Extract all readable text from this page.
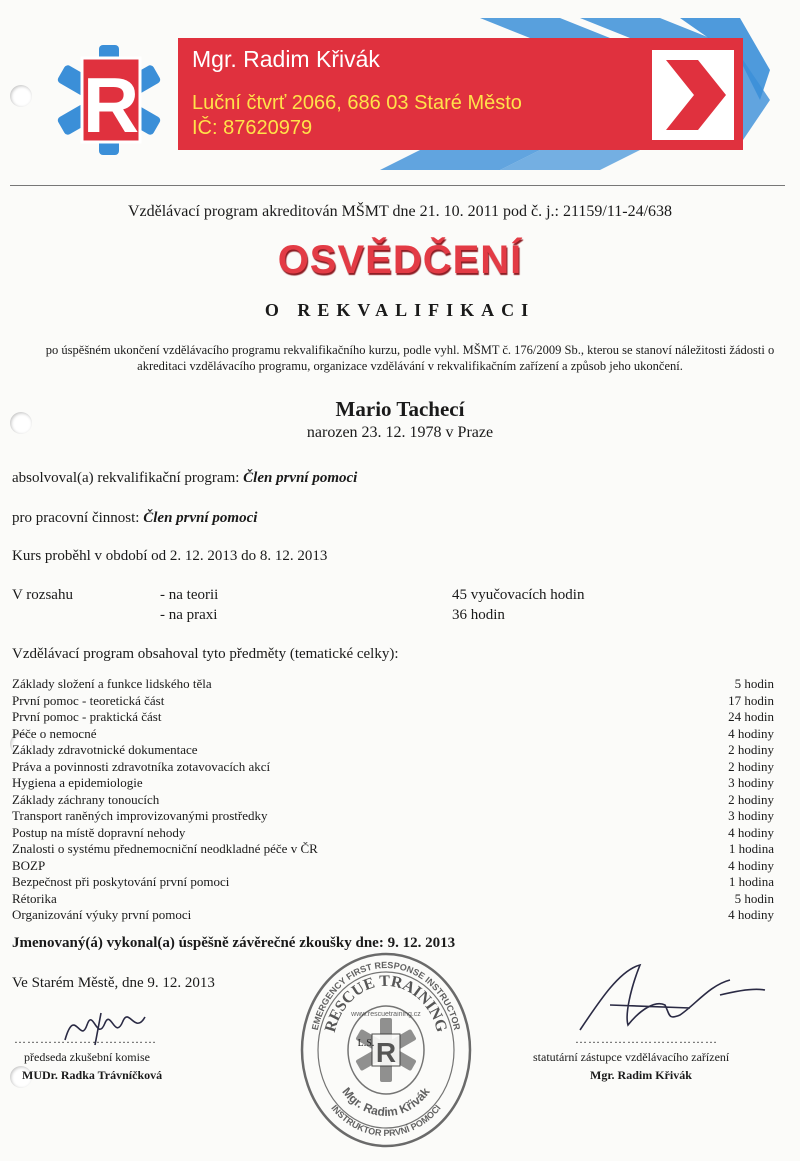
R
Mgr. Radim Křivák
Luční čtvrť 2066, 686 03 Staré Město
IČ: 87620979
Vzdělávací program akreditován MŠMT dne 21. 10. 2011 pod č. j.: 21159/11-24/638
OSVĚDČENÍ
O REKVALIFIKACI
po úspěšném ukončení vzdělávacího programu rekvalifikačního kurzu, podle vyhl. MŠMT č. 176/2009 Sb., kterou se stanoví náležitosti žádosti o akreditaci vzdělávacího programu, organizace vzdělávání v rekvalifikačním zařízení a způsob jeho ukončení.
Mario Tachecí
narozen 23. 12. 1978 v Praze
absolvoval(a) rekvalifikační program: Člen první pomoci
pro pracovní činnost: Člen první pomoci
Kurs proběhl v období od 2. 12. 2013 do 8. 12. 2013
V rozsahu	- na teorii	45 vyučovacích hodin
- na praxi	36 hodin
Vzdělávací program obsahoval tyto předměty (tematické celky):
Základy složení a funkce lidského těla	5 hodin
První pomoc - teoretická část	17 hodin
První pomoc - praktická část	24 hodin
Péče o nemocné	4 hodiny
Základy zdravotnické dokumentace	2 hodiny
Práva a povinnosti zdravotníka zotavovacích akcí	2 hodiny
Hygiena a epidemiologie	3 hodiny
Základy záchrany tonoucích	2 hodiny
Transport raněných improvizovanými prostředky	3 hodiny
Postup na místě dopravní nehody	4 hodiny
Znalosti o systému přednemocniční neodkladné péče v ČR	1 hodina
BOZP	4 hodiny
Bezpečnost při poskytování první pomoci	1 hodina
Rétorika	5 hodin
Organizování výuky první pomoci	4 hodiny
Jmenovaný(á) vykonal(a) úspěšně závěrečné zkoušky dne: 9. 12. 2013
Ve Starém Městě, dne 9. 12. 2013
……………………………
předseda zkušební komise
MUDr. Radka Trávníčková
……………………………
statutární zástupce vzdělávacího zařízení
Mgr. Radim Křivák
EMERGENCY FIRST RESPONSE INSTRUCTOR
RESCUE TRAINING
Mgr. Radim Křivák
INSTRUKTOR PRVNÍ POMOCI
www.rescuetraining.cz
R
L.S.
